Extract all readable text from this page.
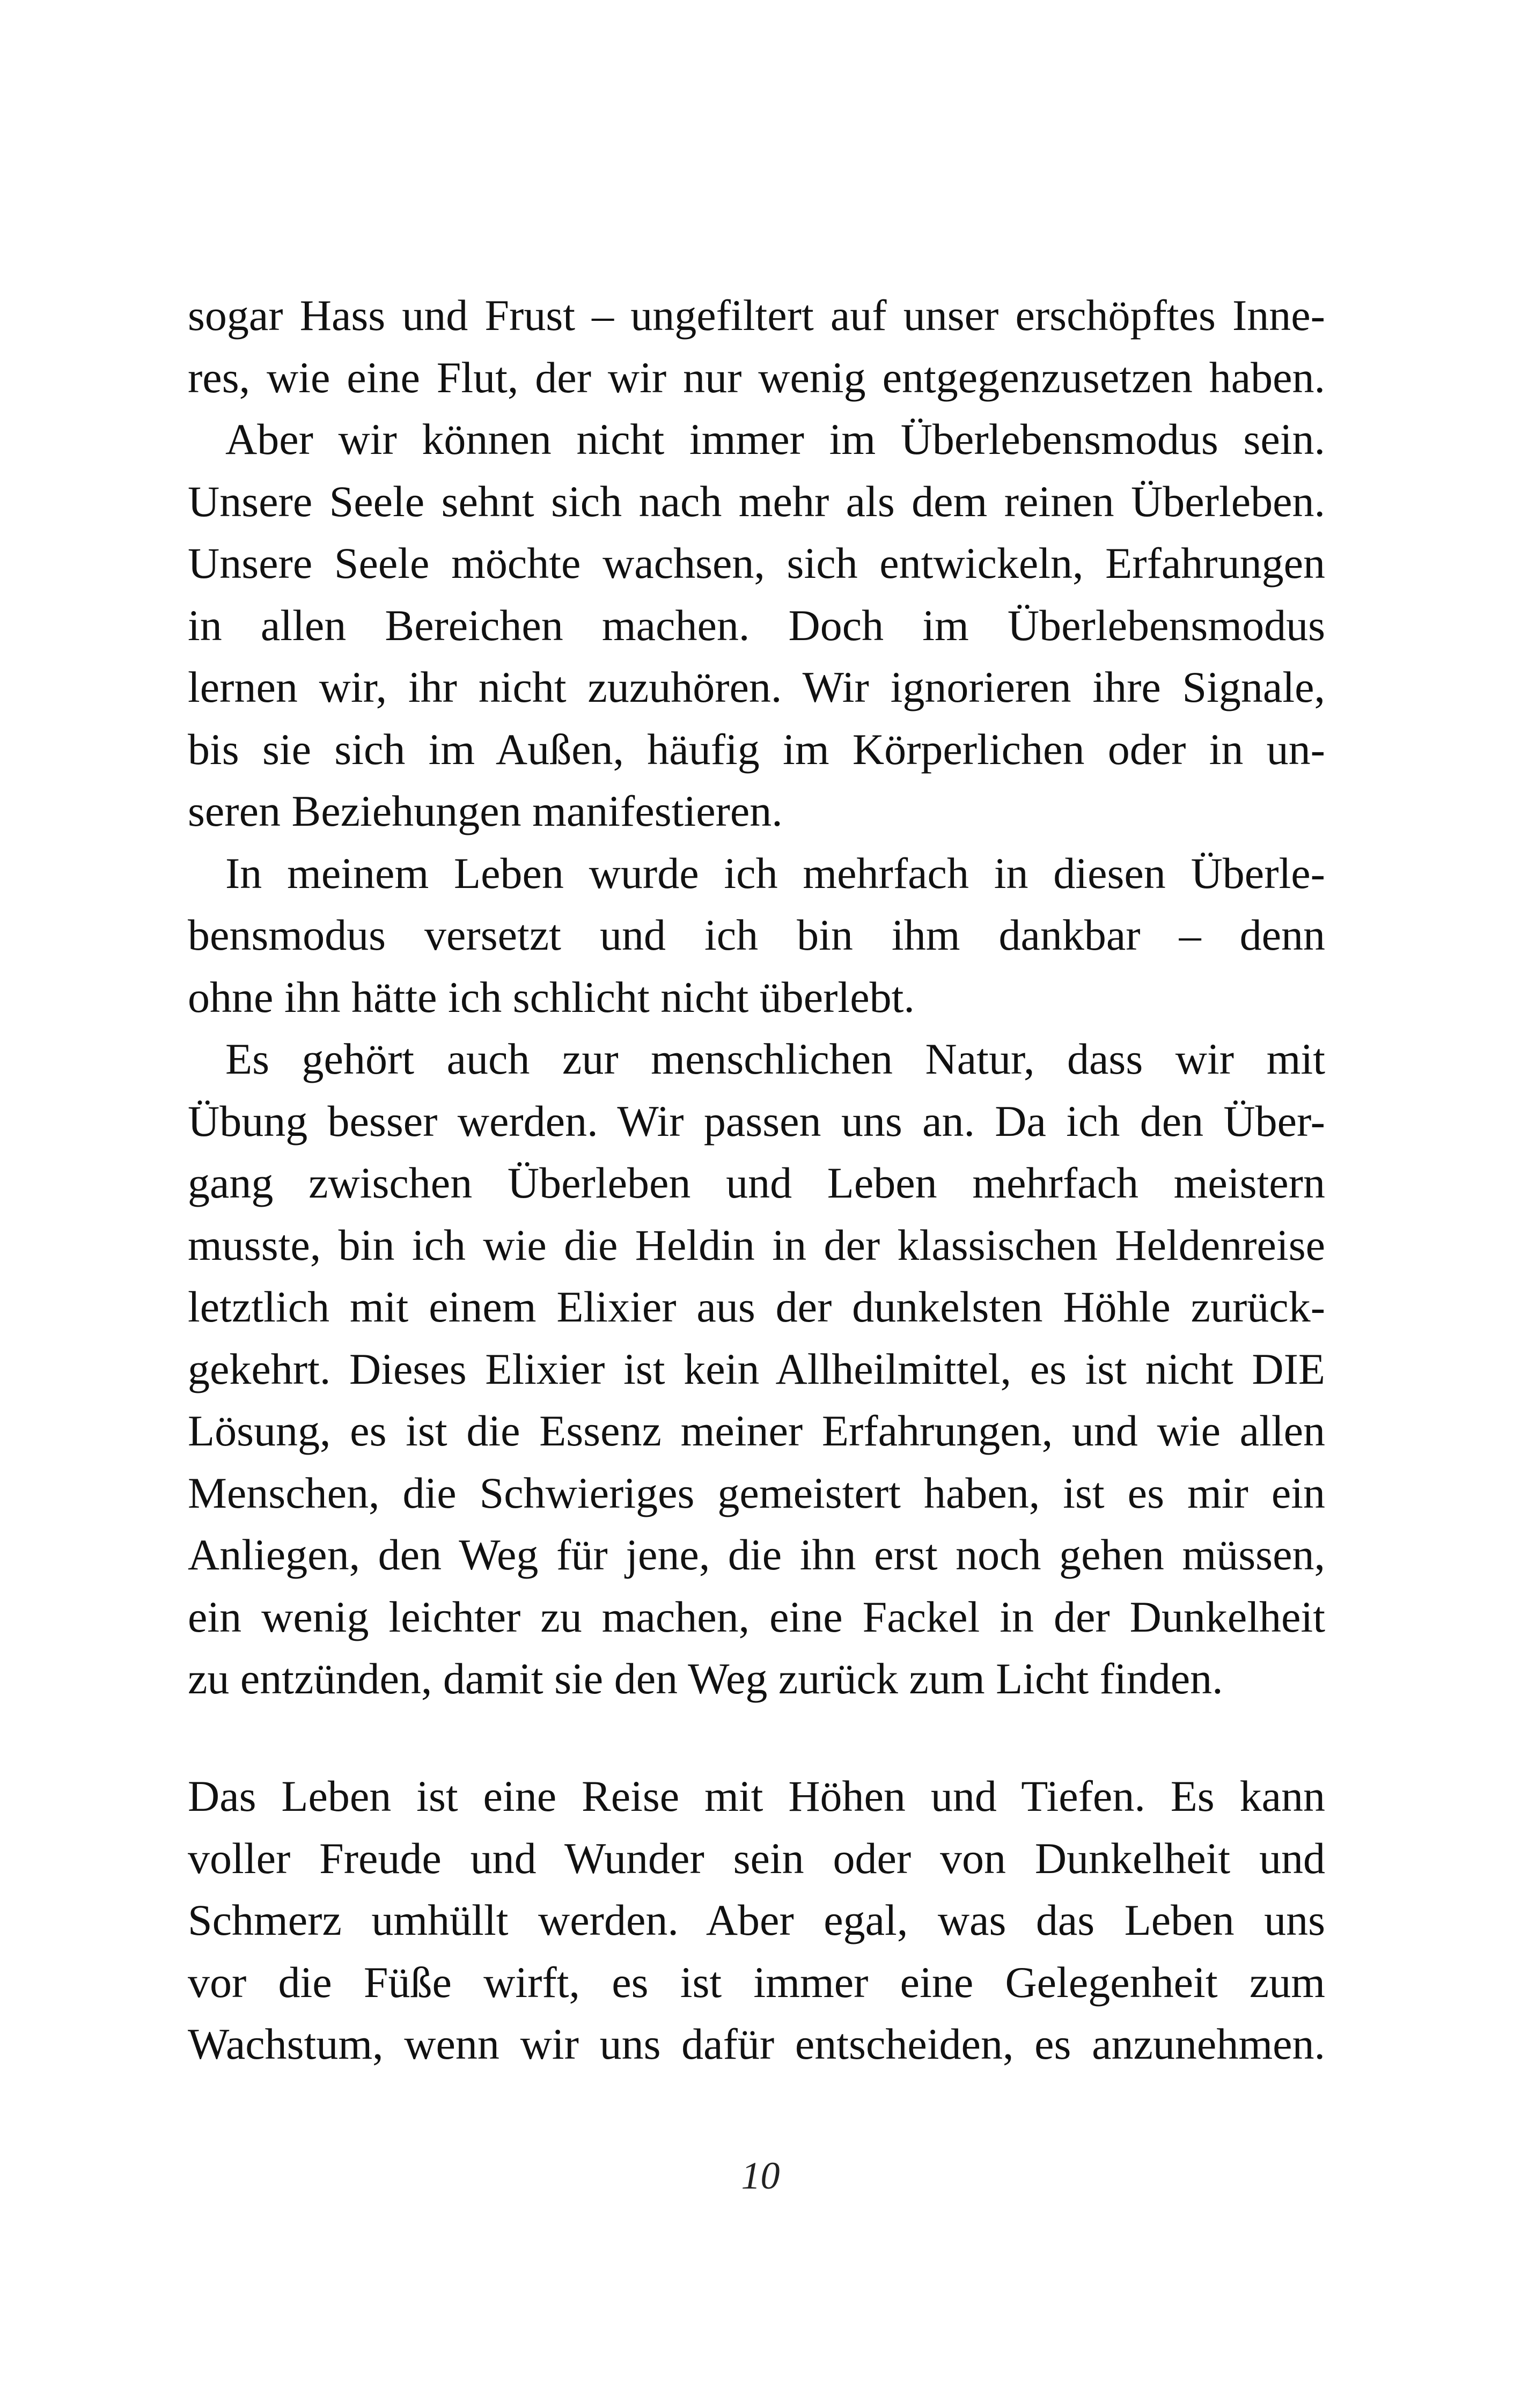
sogar Hass und Frust – ungefiltert auf unser erschöpftes Inne-
res, wie eine Flut, der wir nur wenig entgegenzusetzen haben.
Aber wir können nicht immer im Überlebensmodus sein.
Unsere Seele sehnt sich nach mehr als dem reinen Überleben.
Unsere Seele möchte wachsen, sich entwickeln, Erfahrungen
in allen Bereichen machen. Doch im Überlebensmodus
lernen wir, ihr nicht zuzuhören. Wir ignorieren ihre Signale,
bis sie sich im Außen, häufig im Körperlichen oder in un-
seren Beziehungen manifestieren.
In meinem Leben wurde ich mehrfach in diesen Überle-
bensmodus versetzt und ich bin ihm dankbar – denn
ohne ihn hätte ich schlicht nicht überlebt.
Es gehört auch zur menschlichen Natur, dass wir mit
Übung besser werden. Wir passen uns an. Da ich den Über-
gang zwischen Überleben und Leben mehrfach meistern
musste, bin ich wie die Heldin in der klassischen Heldenreise
letztlich mit einem Elixier aus der dunkelsten Höhle zurück-
gekehrt. Dieses Elixier ist kein Allheilmittel, es ist nicht DIE
Lösung, es ist die Essenz meiner Erfahrungen, und wie allen
Menschen, die Schwieriges gemeistert haben, ist es mir ein
Anliegen, den Weg für jene, die ihn erst noch gehen müssen,
ein wenig leichter zu machen, eine Fackel in der Dunkelheit
zu entzünden, damit sie den Weg zurück zum Licht finden.
Das Leben ist eine Reise mit Höhen und Tiefen. Es kann
voller Freude und Wunder sein oder von Dunkelheit und
Schmerz umhüllt werden. Aber egal, was das Leben uns
vor die Füße wirft, es ist immer eine Gelegenheit zum
Wachstum, wenn wir uns dafür entscheiden, es anzunehmen.
10
